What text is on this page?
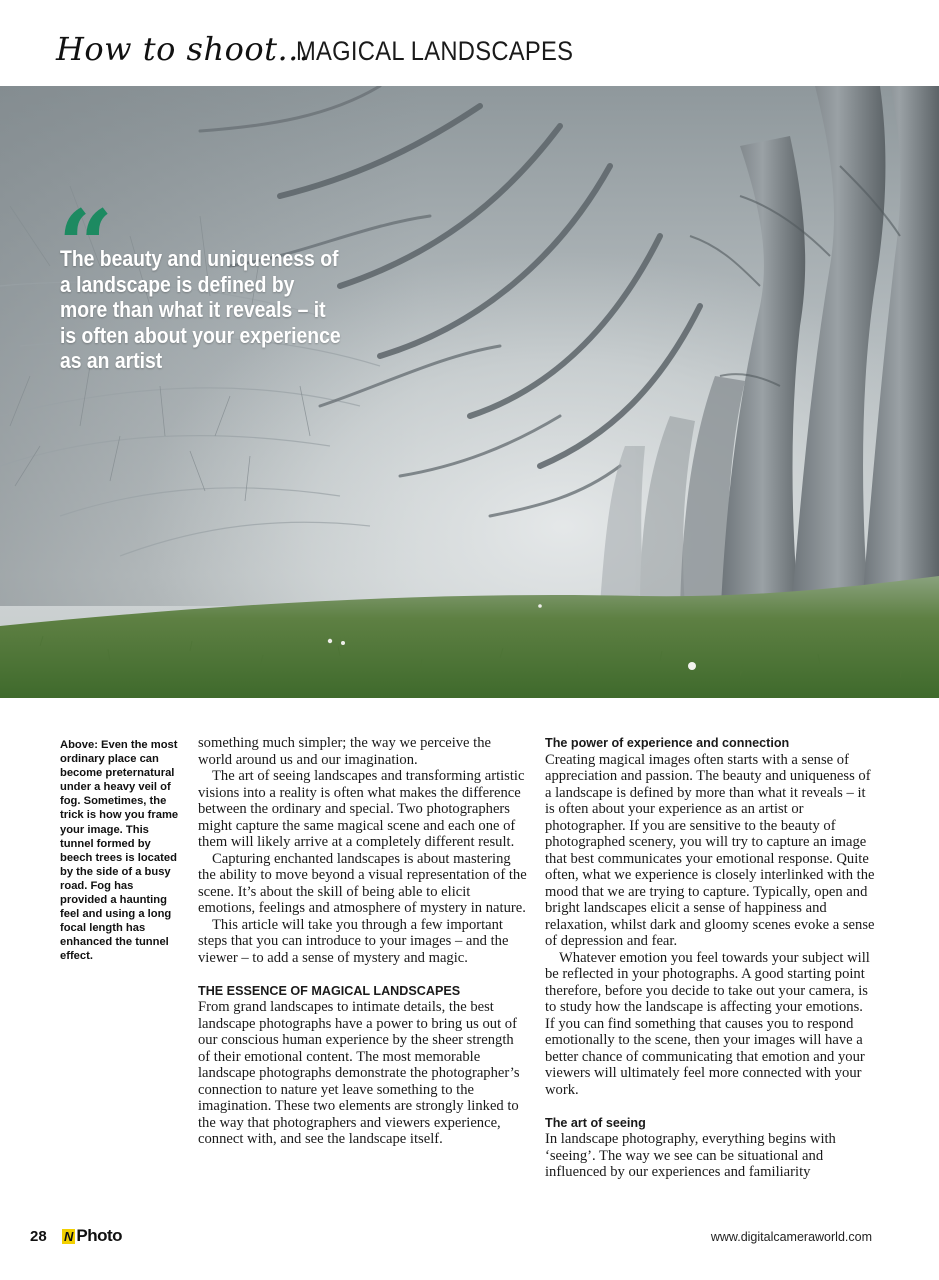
How to shoot...
MAGICAL LANDSCAPES
“
The beauty and uniqueness of a landscape is defined by more than what it reveals – it is often about your experience as an artist
Above: Even the most ordinary place can become preternatural under a heavy veil of fog. Sometimes, the trick is how you frame your image. This tunnel formed by beech trees is located by the side of a busy road. Fog has provided a haunting feel and using a long focal length has enhanced the tunnel effect.

something much simpler; the way we perceive the world around us and our imagination.

The art of seeing landscapes and transforming artistic visions into a reality is often what makes the difference between the ordinary and special. Two photographers might capture the same magical scene and each one of them will likely arrive at a completely different result.

Capturing enchanted landscapes is about mastering the ability to move beyond a visual representation of the scene. It’s about the skill of being able to elicit emotions, feelings and atmosphere of mystery in nature.

This article will take you through a few important steps that you can introduce to your images – and the viewer – to add a sense of mystery and magic.

THE ESSENCE OF MAGICAL LANDSCAPES

From grand landscapes to intimate details, the best landscape photographs have a power to bring us out of our conscious human experience by the sheer strength of their emotional content. The most memorable landscape photographs demonstrate the photographer’s connection to nature yet leave something to the imagination. These two elements are strongly linked to the way that photographers and viewers experience, connect with, and see the landscape itself.

The power of experience and connection

Creating magical images often starts with a sense of appreciation and passion. The beauty and uniqueness of a landscape is defined by more than what it reveals – it is often about your experience as an artist or photographer. If you are sensitive to the beauty of photographed scenery, you will try to capture an image that best communicates your emotional response. Quite often, what we experience is closely interlinked with the mood that we are trying to capture. Typically, open and bright landscapes elicit a sense of happiness and relaxation, whilst dark and gloomy scenes evoke a sense of depression and fear.

Whatever emotion you feel towards your subject will be reflected in your photographs. A good starting point therefore, before you decide to take out your camera, is to study how the landscape is affecting your emotions. If you can find something that causes you to respond emotionally to the scene, then your images will have a better chance of communicating that emotion and your viewers will ultimately feel more connected with your work.

The art of seeing

In landscape photography, everything begins with ‘seeing’. The way we see can be situational and influenced by our experiences and familiarity

28 N Photo	www.digitalcameraworld.com
